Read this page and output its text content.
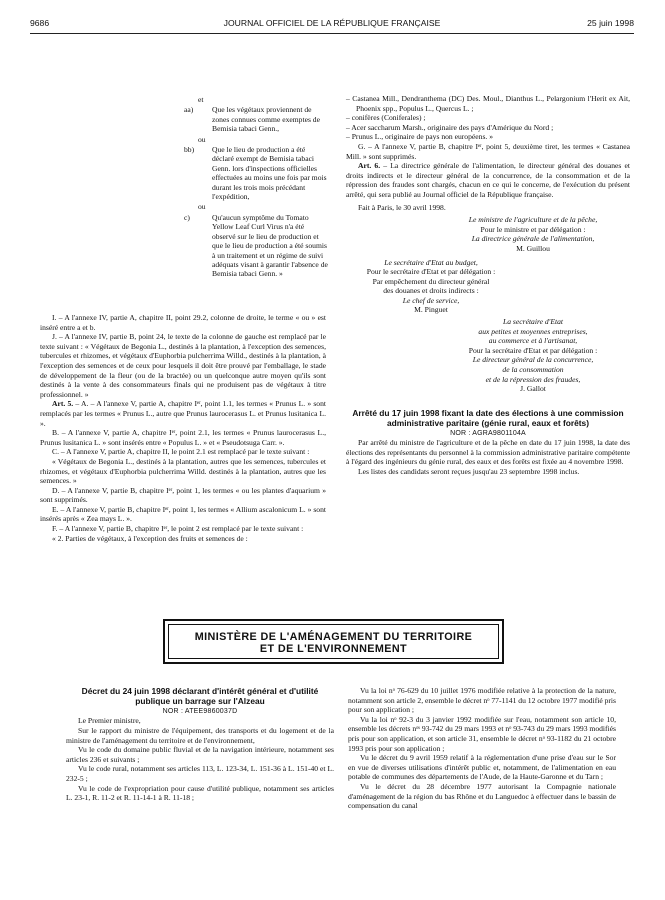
9686	JOURNAL OFFICIEL DE LA RÉPUBLIQUE FRANÇAISE	25 juin 1998

et

aa) Que les végétaux proviennent de zones connues comme exemptes de Bemisia tabaci Genn.,

ou

bb) Que le lieu de production a été déclaré exempt de Bemisia tabaci Genn. lors d'inspections officielles effectuées au moins une fois par mois durant les trois mois précédant l'expédition,

ou

c)	Qu'aucun symptôme du Tomato Yellow Leaf Curl Virus n'a été observé sur le lieu de production et que le lieu de production a été soumis à un traitement et un régime de suivi adéquats visant à garantir l'absence de Bemisia tabaci Genn. »

I. – A l'annexe IV, partie A, chapitre II, point 29.2, colonne de droite, le terme « ou » est inséré entre a et b.

J. – A l'annexe IV, partie B, point 24, le texte de la colonne de gauche est remplacé par le texte suivant : « Végétaux de Begonia L., destinés à la plantation, à l'exception des semences, tubercules et rhizomes, et végétaux d'Euphorbia pulcherrima Willd., destinés à la plantation, à l'exception des semences et de ceux pour lesquels il doit être prouvé par l'emballage, le stade de développement de la fleur (ou de la bractée) ou un quelconque autre moyen qu'ils sont destinés à la vente à des consommateurs finals qui ne produisent pas de végétaux à titre professionnel. »

Art. 5. – A. – A l'annexe V, partie A, chapitre Iᵉʳ, point 1.1, les termes « Prunus L. » sont remplacés par les termes « Prunus L., autre que Prunus laurocerasus L. et Prunus lusitanica L. ».

B. – A l'annexe V, partie A, chapitre Iᵉʳ, point 2.1, les termes « Prunus laurocerasus L., Prunus lusitanica L. » sont insérés entre « Populus L. » et « Pseudotsuga Carr. ».

C. – A l'annexe V, partie A, chapitre II, le point 2.1 est remplacé par le texte suivant :

« Végétaux de Begonia L., destinés à la plantation, autres que les semences, tubercules et rhizomes, et végétaux d'Euphorbia pulcherrima Willd. destinés à la plantation, autres que les semences. »

D. – A l'annexe V, partie B, chapitre Iᵉʳ, point 1, les termes « ou les plantes d'aquarium » sont supprimés.

E. – A l'annexe V, partie B, chapitre Iᵉʳ, point 1, les termes « Allium ascalonicum L. » sont insérés après « Zea mays L. ».

F. – A l'annexe V, partie B, chapitre Iᵉʳ, le point 2 est remplacé par le texte suivant :

« 2. Parties de végétaux, à l'exception des fruits et semences de :

– Castanea Mill., Dendranthema (DC) Des. Moul., Dianthus L., Pelargonium l'Herit ex Ait, Phoenix spp., Populus L., Quercus L. ;

– conifères (Coniferales) ;

– Acer saccharum Marsh., originaire des pays d'Amérique du Nord ;

– Prunus L., originaire de pays non européens. »

G. – A l'annexe V, partie B, chapitre Iᵉʳ, point 5, deuxième tiret, les termes « Castanea Mill. » sont supprimés.

Art. 6. – La directrice générale de l'alimentation, le directeur général des douanes et droits indirects et le directeur général de la concurrence, de la consommation et de la répression des fraudes sont chargés, chacun en ce qui le concerne, de l'exécution du présent arrêté, qui sera publié au Journal officiel de la République française.

Fait à Paris, le 30 avril 1998.

Le ministre de l'agriculture et de la pêche,

Pour le ministre et par délégation :

La directrice générale de l'alimentation,

M. Guillou

Le secrétaire d'Etat au budget,

Pour le secrétaire d'Etat et par délégation :

Par empêchement du directeur général

des douanes et droits indirects :

Le chef de service,

M. Pinguet

La secrétaire d'Etat

aux petites et moyennes entreprises,

au commerce et à l'artisanat,

Pour la secrétaire d'Etat et par délégation :

Le directeur général de la concurrence,

de la consommation

et de la répression des fraudes,

J. Gallot

Arrêté du 17 juin 1998 fixant la date des élections à une commission administrative paritaire (génie rural, eaux et forêts)

NOR : AGRA9801104A

Par arrêté du ministre de l'agriculture et de la pêche en date du 17 juin 1998, la date des élections des représentants du personnel à la commission administrative paritaire compétente à l'égard des ingénieurs du génie rural, des eaux et des forêts est fixée au 4 novembre 1998.

Les listes des candidats seront reçues jusqu'au 23 septembre 1998 inclus.

MINISTÈRE DE L'AMÉNAGEMENT DU TERRITOIRE

ET DE L'ENVIRONNEMENT

Décret du 24 juin 1998 déclarant d'intérêt général et d'utilité publique un barrage sur l'Alzeau

NOR : ATEE9860037D

Le Premier ministre,

Sur le rapport du ministre de l'équipement, des transports et du logement et de la ministre de l'aménagement du territoire et de l'environnement,

Vu le code du domaine public fluvial et de la navigation intérieure, notamment ses articles 236 et suivants ;

Vu le code rural, notamment ses articles 113, L. 123-34, L. 151-36 à L. 151-40 et L. 232-5 ;

Vu le code de l'expropriation pour cause d'utilité publique, notamment ses articles L. 23-1, R. 11-2 et R. 11-14-1 à R. 11-18 ;

Vu la loi nᵒ 76-629 du 10 juillet 1976 modifiée relative à la protection de la nature, notamment son article 2, ensemble le décret nᵒ 77-1141 du 12 octobre 1977 modifié pris pour son application ;

Vu la loi nᵒ 92-3 du 3 janvier 1992 modifiée sur l'eau, notamment son article 10, ensemble les décrets nᵒˢ 93-742 du 29 mars 1993 et nᵒ 93-743 du 29 mars 1993 modifiés pris pour son application, et son article 31, ensemble le décret nᵒ 93-1182 du 21 octobre 1993 pris pour son application ;

Vu le décret du 9 avril 1959 relatif à la réglementation d'une prise d'eau sur le Sor en vue de diverses utilisations d'intérêt public et, notamment, de l'alimentation en eau potable de communes des départements de l'Aude, de la Haute-Garonne et du Tarn ;

Vu le décret du 28 décembre 1977 autorisant la Compagnie nationale d'aménagement de la région du bas Rhône et du Languedoc à effectuer dans le bassin de compensation du canal
